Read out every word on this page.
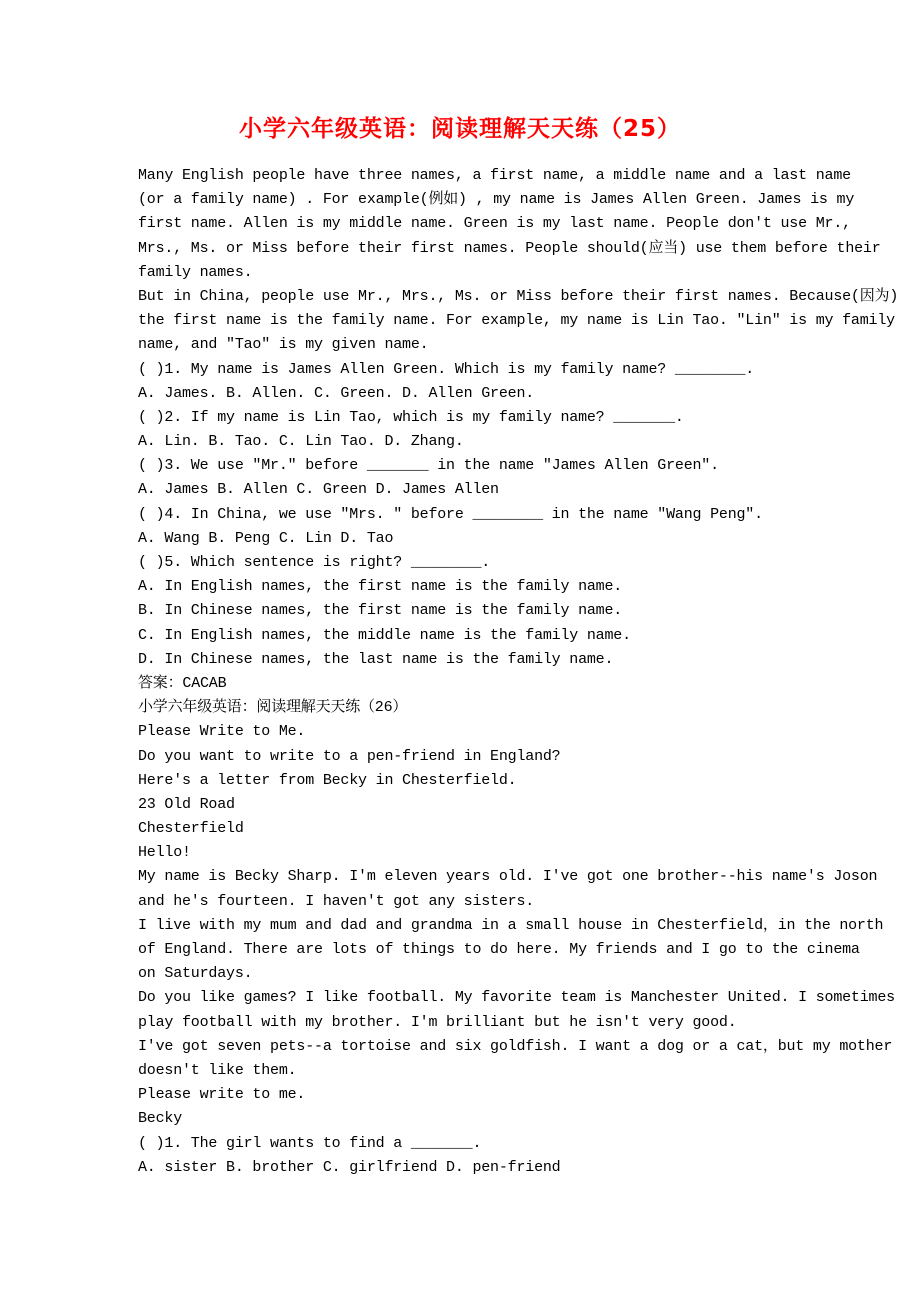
小学六年级英语：阅读理解天天练（25）
Many English people have three names, a first name, a middle name and a last name
(or a family name) . For example(例如) , my name is James Allen Green. James is my
first name. Allen is my middle name. Green is my last name. People don't use Mr.,
Mrs., Ms. or Miss before their first names. People should(应当) use them before their
family names.
But in China, people use Mr., Mrs., Ms. or Miss before their first names. Because(因为)
the first name is the family name. For example, my name is Lin Tao. ″Lin″ is my family
name, and ″Tao″ is my given name.
( )1. My name is James Allen Green. Which is my family name? ________.
A. James. B. Allen. C. Green. D. Allen Green.
( )2. If my name is Lin Tao, which is my family name? _______.
A. Lin. B. Tao. C. Lin Tao. D. Zhang.
( )3. We use ″Mr.″ before _______ in the name ″James Allen Green″.
A. James B. Allen C. Green D. James Allen
( )4. In China, we use ″Mrs. ″ before ________ in the name ″Wang Peng″.
A. Wang B. Peng C. Lin D. Tao
( )5. Which sentence is right? ________.
A. In English names, the first name is the family name.
B. In Chinese names, the first name is the family name.
C. In English names, the middle name is the family name.
D. In Chinese names, the last name is the family name.
答案：CACAB
小学六年级英语：阅读理解天天练（26）
Please Write to Me.
Do you want to write to a pen-friend in England?
Here's a letter from Becky in Chesterfield.
23 Old Road
Chesterfield
Hello!
My name is Becky Sharp. I'm eleven years old. I've got one brother--his name's Joson
and he's fourteen. I haven't got any sisters.
I live with my mum and dad and grandma in a small house in Chesterfield，in the north
of England. There are lots of things to do here. My friends and I go to the cinema
on Saturdays.
Do you like games? I like football. My favorite team is Manchester United. I sometimes
play football with my brother. I'm brilliant but he isn't very good.
I've got seven pets--a tortoise and six goldfish. I want a dog or a cat，but my mother
doesn't like them.
Please write to me.
Becky
( )1. The girl wants to find a _______.
A. sister B. brother C. girlfriend D. pen-friend
